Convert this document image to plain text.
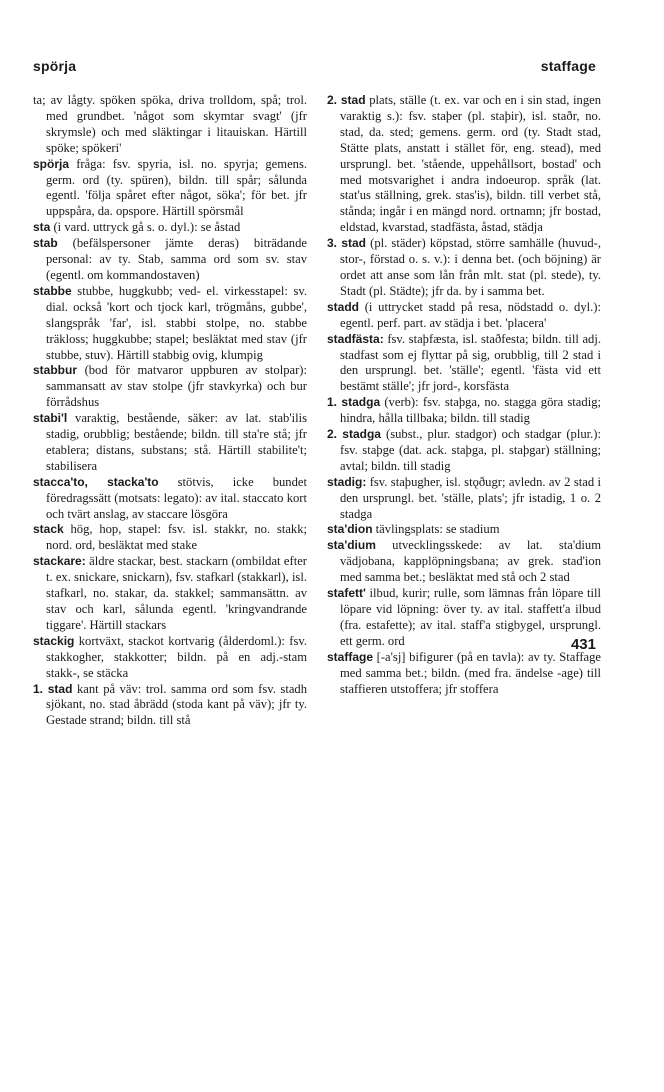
spörja	staffage

ta; av lågty. spöken spöka, driva trolldom, spå; trol. med grundbet. 'något som skymtar svagt' (jfr skrymsle) och med släktingar i litauiskan. Härtill spöke; spökeri'

spörja fråga: fsv. spyria, isl. no. spyrja; gemens. germ. ord (ty. spüren), bildn. till spår; sålunda egentl. 'följa spåret efter något, söka'; för bet. jfr uppspåra, da. opspore. Härtill spörsmål

sta (i vard. uttryck gå s. o. dyl.): se åstad

stab (befälspersoner jämte deras) biträdande personal: av ty. Stab, samma ord som sv. stav (egentl. om kommandostaven)

stabbe stubbe, huggkubb; ved- el. virkesstapel: sv. dial. också 'kort och tjock karl, trögmåns, gubbe', slangspråk 'far', isl. stabbi stolpe, no. stabbe träkloss; huggkubbe; stapel; besläktat med stav (jfr stubbe, stuv). Härtill stabbig ovig, klumpig

stabbur (bod för matvaror uppburen av stolpar): sammansatt av stav stolpe (jfr stavkyrka) och bur förrådshus

stabi'l varaktig, bestående, säker: av lat. stab'ilis stadig, orubblig; bestående; bildn. till sta're stå; jfr etablera; distans, substans; stå. Härtill stabilite't; stabilisera

stacca'to, stacka'to stötvis, icke bundet föredragssätt (motsats: legato): av ital. staccato kort och tvärt anslag, av staccare lösgöra

stack hög, hop, stapel: fsv. isl. stakkr, no. stakk; nord. ord, besläktat med stake

stackare: äldre stackar, best. stackarn (ombildat efter t. ex. snickare, snickarn), fsv. stafkarl (stakkarl), isl. stafkarl, no. stakar, da. stakkel; sammansättn. av stav och karl, sålunda egentl. 'kringvandrande tiggare'. Härtill stackars

stackig kortväxt, stackot kortvarig (ålderdoml.): fsv. stakkogher, stakkotter; bildn. på en adj.-stam stakk-, se stäcka

1. stad kant på väv: trol. samma ord som fsv. stadh sjökant, no. stad åbrädd (stoda kant på väv); jfr ty. Gestade strand; bildn. till stå

2. stad plats, ställe (t. ex. var och en i sin stad, ingen varaktig s.): fsv. staþer (pl. staþir), isl. staðr, no. stad, da. sted; gemens. germ. ord (ty. Stadt stad, Stätte plats, anstatt i stället för, eng. stead), med ursprungl. bet. 'stående, uppehållsort, bostad' och med motsvarighet i andra indoeurop. språk (lat. stat'us ställning, grek. stas'is), bildn. till verbet stå, stånda; ingår i en mängd nord. ortnamn; jfr bostad, eldstad, kvarstad, stadfästa, åstad, städja

3. stad (pl. städer) köpstad, större samhälle (huvud-, stor-, förstad o. s. v.): i denna bet. (och böjning) är ordet att anse som lån från mlt. stat (pl. stede), ty. Stadt (pl. Städte); jfr da. by i samma bet.

stadd (i uttrycket stadd på resa, nödstadd o. dyl.): egentl. perf. part. av städja i bet. 'placera'

stadfästa: fsv. staþfæsta, isl. staðfesta; bildn. till adj. stadfast som ej flyttar på sig, orubblig, till 2 stad i den ursprungl. bet. 'ställe'; egentl. 'fästa vid ett bestämt ställe'; jfr jord-, korsfästa

1. stadga (verb): fsv. staþga, no. stagga göra stadig; hindra, hålla tillbaka; bildn. till stadig

2. stadga (subst., plur. stadgor) och stadgar (plur.): fsv. staþge (dat. ack. staþga, pl. staþgar) ställning; avtal; bildn. till stadig

stadig: fsv. staþugher, isl. stǫðugr; avledn. av 2 stad i den ursprungl. bet. 'ställe, plats'; jfr istadig, 1 o. 2 stadga

sta'dion tävlingsplats: se stadium

sta'dium utvecklingsskede: av lat. sta'dium vädjobana, kapplöpningsbana; av grek. stad'ion med samma bet.; besläktat med stå och 2 stad

stafett' ilbud, kurir; rulle, som lämnas från löpare till löpare vid löpning: över ty. av ital. staffett'a ilbud (fra. estafette); av ital. staff'a stigbygel, ursprungl. ett germ. ord

staffage [-a'sj] bifigurer (på en tavla): av ty. Staffage med samma bet.; bildn. (med fra. ändelse -age) till staffieren utstoffera; jfr stoffera

431
